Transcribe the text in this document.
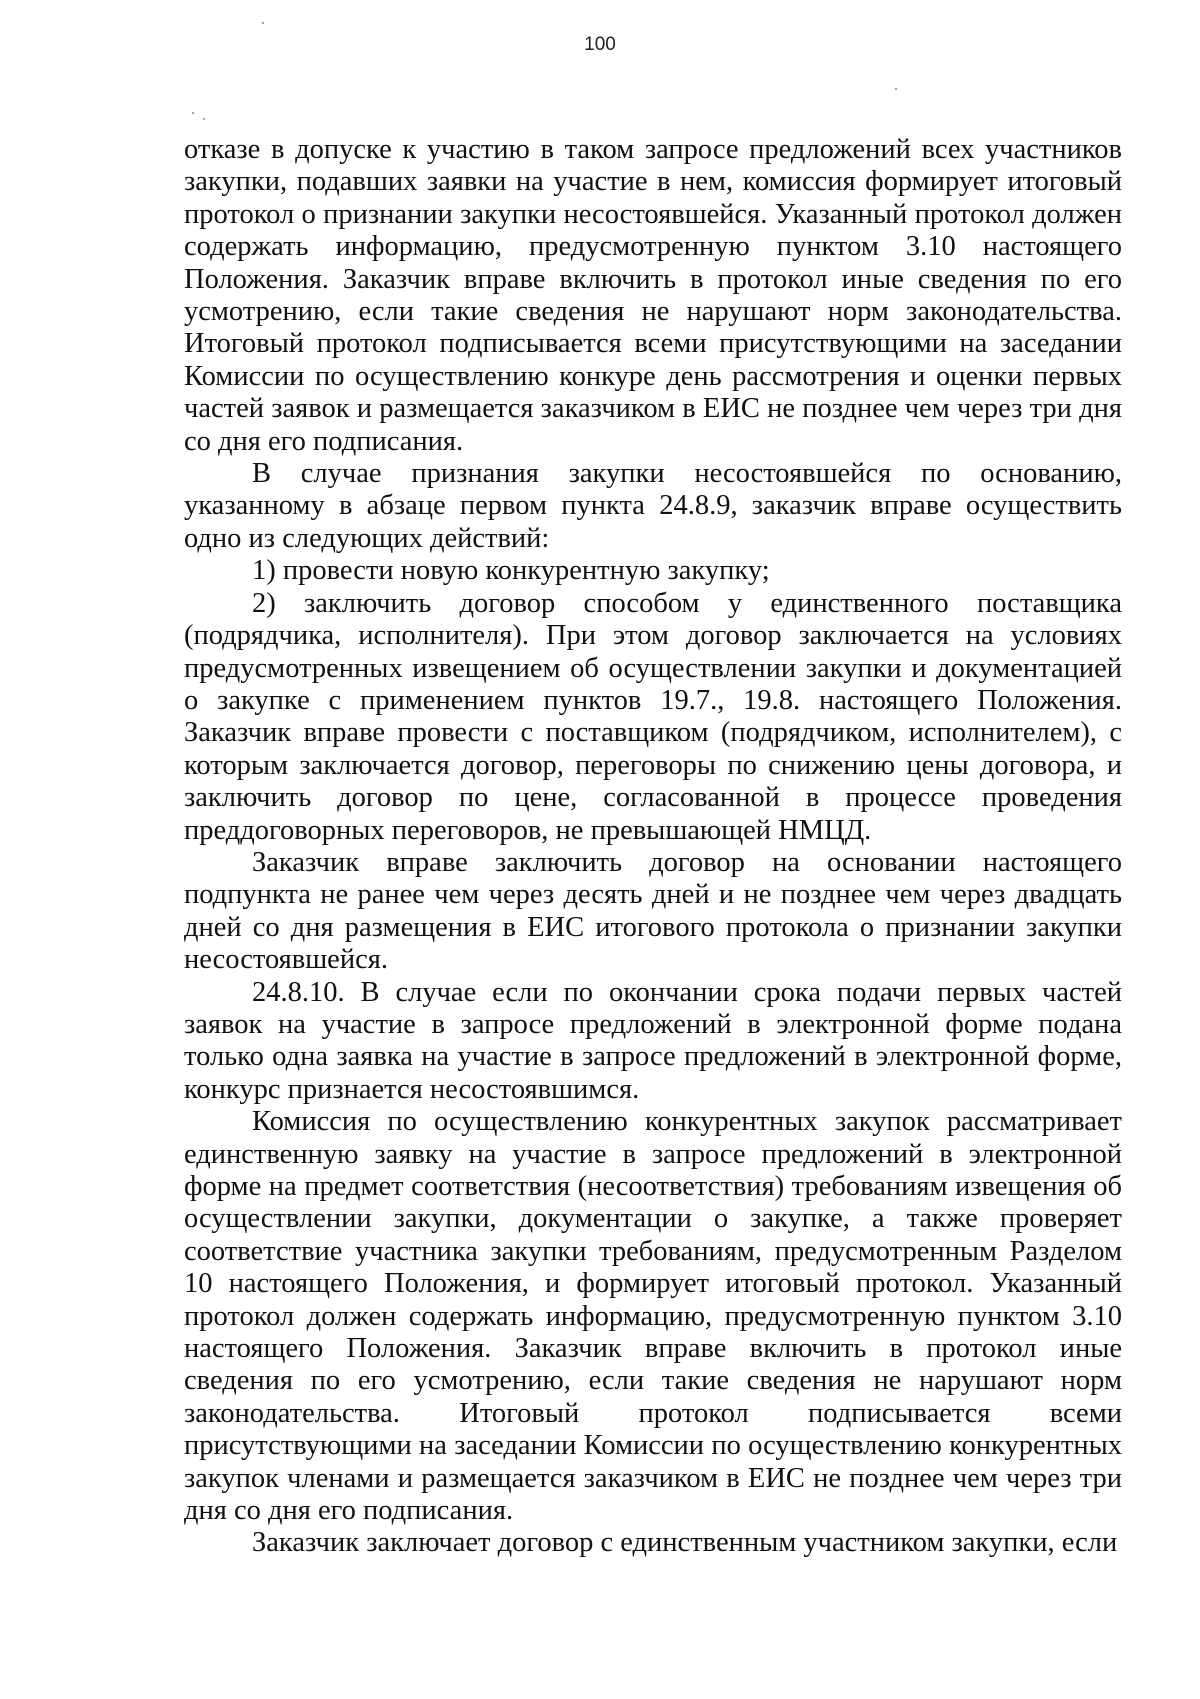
100

отказе в допуске к участию в таком запросе предложений всех участников закупки, подавших заявки на участие в нем, комиссия формирует итоговый протокол о признании закупки несостоявшейся. Указанный протокол должен содержать информацию, предусмотренную пунктом 3.10 настоящего Положения. Заказчик вправе включить в протокол иные сведения по его усмотрению, если такие сведения не нарушают норм законодательства. Итоговый протокол подписывается всеми присутствующими на заседании Комиссии по осуществлению конкуре день рассмотрения и оценки первых частей заявок и размещается заказчиком в ЕИС не позднее чем через три дня со дня его подписания.

В случае признания закупки несостоявшейся по основанию, указанному в абзаце первом пункта 24.8.9, заказчик вправе осуществить одно из следующих действий:

1) провести новую конкурентную закупку;

2) заключить договор способом у единственного поставщика (подрядчика, исполнителя). При этом договор заключается на условиях предусмотренных извещением об осуществлении закупки и документацией о закупке с применением пунктов 19.7., 19.8. настоящего Положения. Заказчик вправе провести с поставщиком (подрядчиком, исполнителем), с которым заключается договор, переговоры по снижению цены договора, и заключить договор по цене, согласованной в процессе проведения преддоговорных переговоров, не превышающей НМЦД.

Заказчик вправе заключить договор на основании настоящего подпункта не ранее чем через десять дней и не позднее чем через двадцать дней со дня размещения в ЕИС итогового протокола о признании закупки несостоявшейся.

24.8.10. В случае если по окончании срока подачи первых частей заявок на участие в запросе предложений в электронной форме подана только одна заявка на участие в запросе предложений в электронной форме, конкурс признается несостоявшимся.

Комиссия по осуществлению конкурентных закупок рассматривает единственную заявку на участие в запросе предложений в электронной форме на предмет соответствия (несоответствия) требованиям извещения об осуществлении закупки, документации о закупке, а также проверяет соответствие участника закупки требованиям, предусмотренным Разделом 10 настоящего Положения, и формирует итоговый протокол. Указанный протокол должен содержать информацию, предусмотренную пунктом 3.10 настоящего Положения. Заказчик вправе включить в протокол иные сведения по его усмотрению, если такие сведения не нарушают норм законодательства. Итоговый протокол подписывается всеми присутствующими на заседании Комиссии по осуществлению конкурентных закупок членами и размещается заказчиком в ЕИС не позднее чем через три дня со дня его подписания.

Заказчик заключает договор с единственным участником закупки, если
